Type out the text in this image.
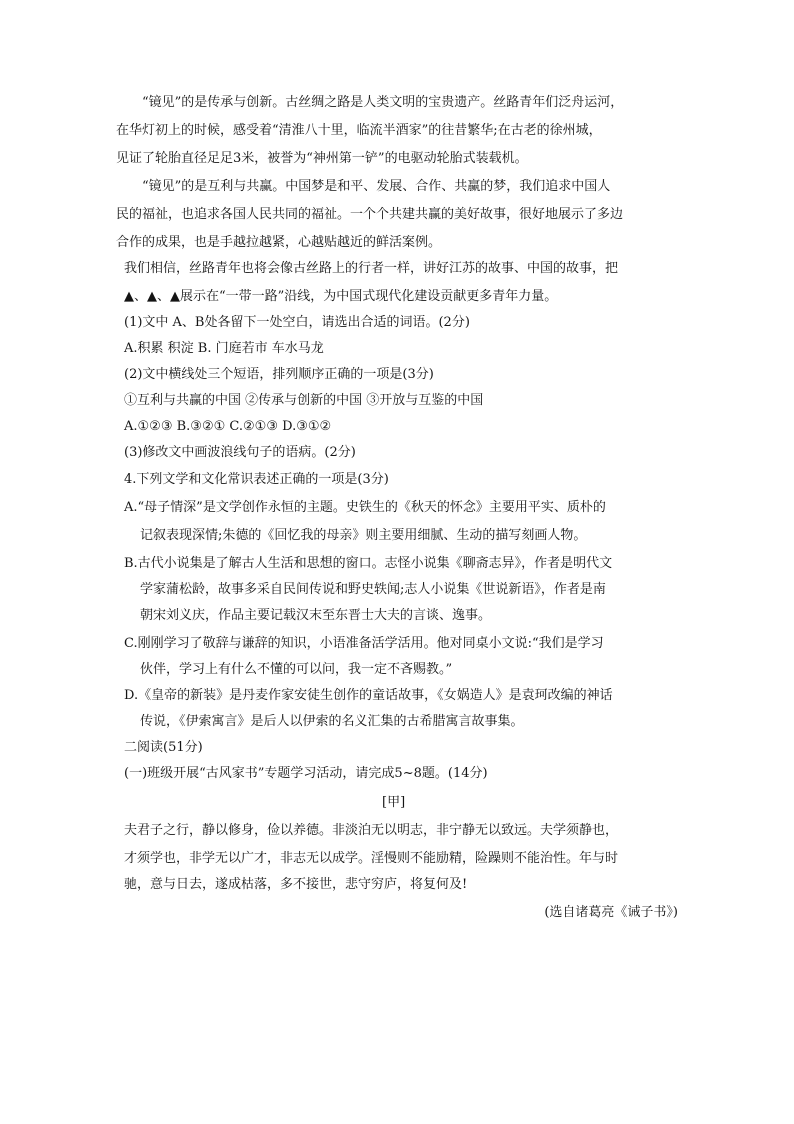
“镜见”的是传承与创新。古丝绸之路是人类文明的宝贵遗产。丝路青年们泛舟运河，
在华灯初上的时候，感受着“清淮八十里，临流半酒家”的往昔繁华;在古老的徐州城，
见证了轮胎直径足足3米，被誉为“神州第一铲”的电驱动轮胎式装载机。
“镜见”的是互利与共赢。中国梦是和平、发展、合作、共赢的梦，我们追求中国人
民的福祉，也追求各国人民共同的福祉。一个个共建共赢的美好故事，很好地展示了多边
合作的成果，也是手越拉越紧，心越贴越近的鲜活案例。
我们相信，丝路青年也将会像古丝路上的行者一样，讲好江苏的故事、中国的故事，把
▲、▲、▲展示在“一带一路”沿线，为中国式现代化建设贡献更多青年力量。
(1)文中 A、B处各留下一处空白，请选出合适的词语。(2分)
A.积累 积淀 B. 门庭若市 车水马龙
(2)文中横线处三个短语，排列顺序正确的一项是(3分)
①互利与共赢的中国 ②传承与创新的中国 ③开放与互鉴的中国
A.①②③ B.③②① C.②①③ D.③①②
(3)修改文中画波浪线句子的语病。(2分)
4.下列文学和文化常识表述正确的一项是(3分)
A.“母子情深”是文学创作永恒的主题。史铁生的《秋天的怀念》主要用平实、质朴的
记叙表现深情;朱德的《回忆我的母亲》则主要用细腻、生动的描写刻画人物。
B.古代小说集是了解古人生活和思想的窗口。志怪小说集《聊斋志异》，作者是明代文
学家蒲松龄，故事多采自民间传说和野史轶闻;志人小说集《世说新语》，作者是南
朝宋刘义庆，作品主要记载汉末至东晋士大夫的言谈、逸事。
C.刚刚学习了敬辞与谦辞的知识，小语准备活学活用。他对同桌小文说:“我们是学习
伙伴，学习上有什么不懂的可以问，我一定不吝赐教。”
D.《皇帝的新装》是丹麦作家安徒生创作的童话故事，《女娲造人》是袁珂改编的神话
传说，《伊索寓言》是后人以伊索的名义汇集的古希腊寓言故事集。
二阅读(51分)
(一)班级开展“古风家书”专题学习活动，请完成5~8题。(14分)
[甲]
夫君子之行，静以修身，俭以养德。非淡泊无以明志，非宁静无以致远。夫学须静也，
才须学也，非学无以广才，非志无以成学。淫慢则不能励精，险躁则不能治性。年与时
驰，意与日去，遂成枯落，多不接世，悲守穷庐，将复何及!
(选自诸葛亮《诫子书》)
